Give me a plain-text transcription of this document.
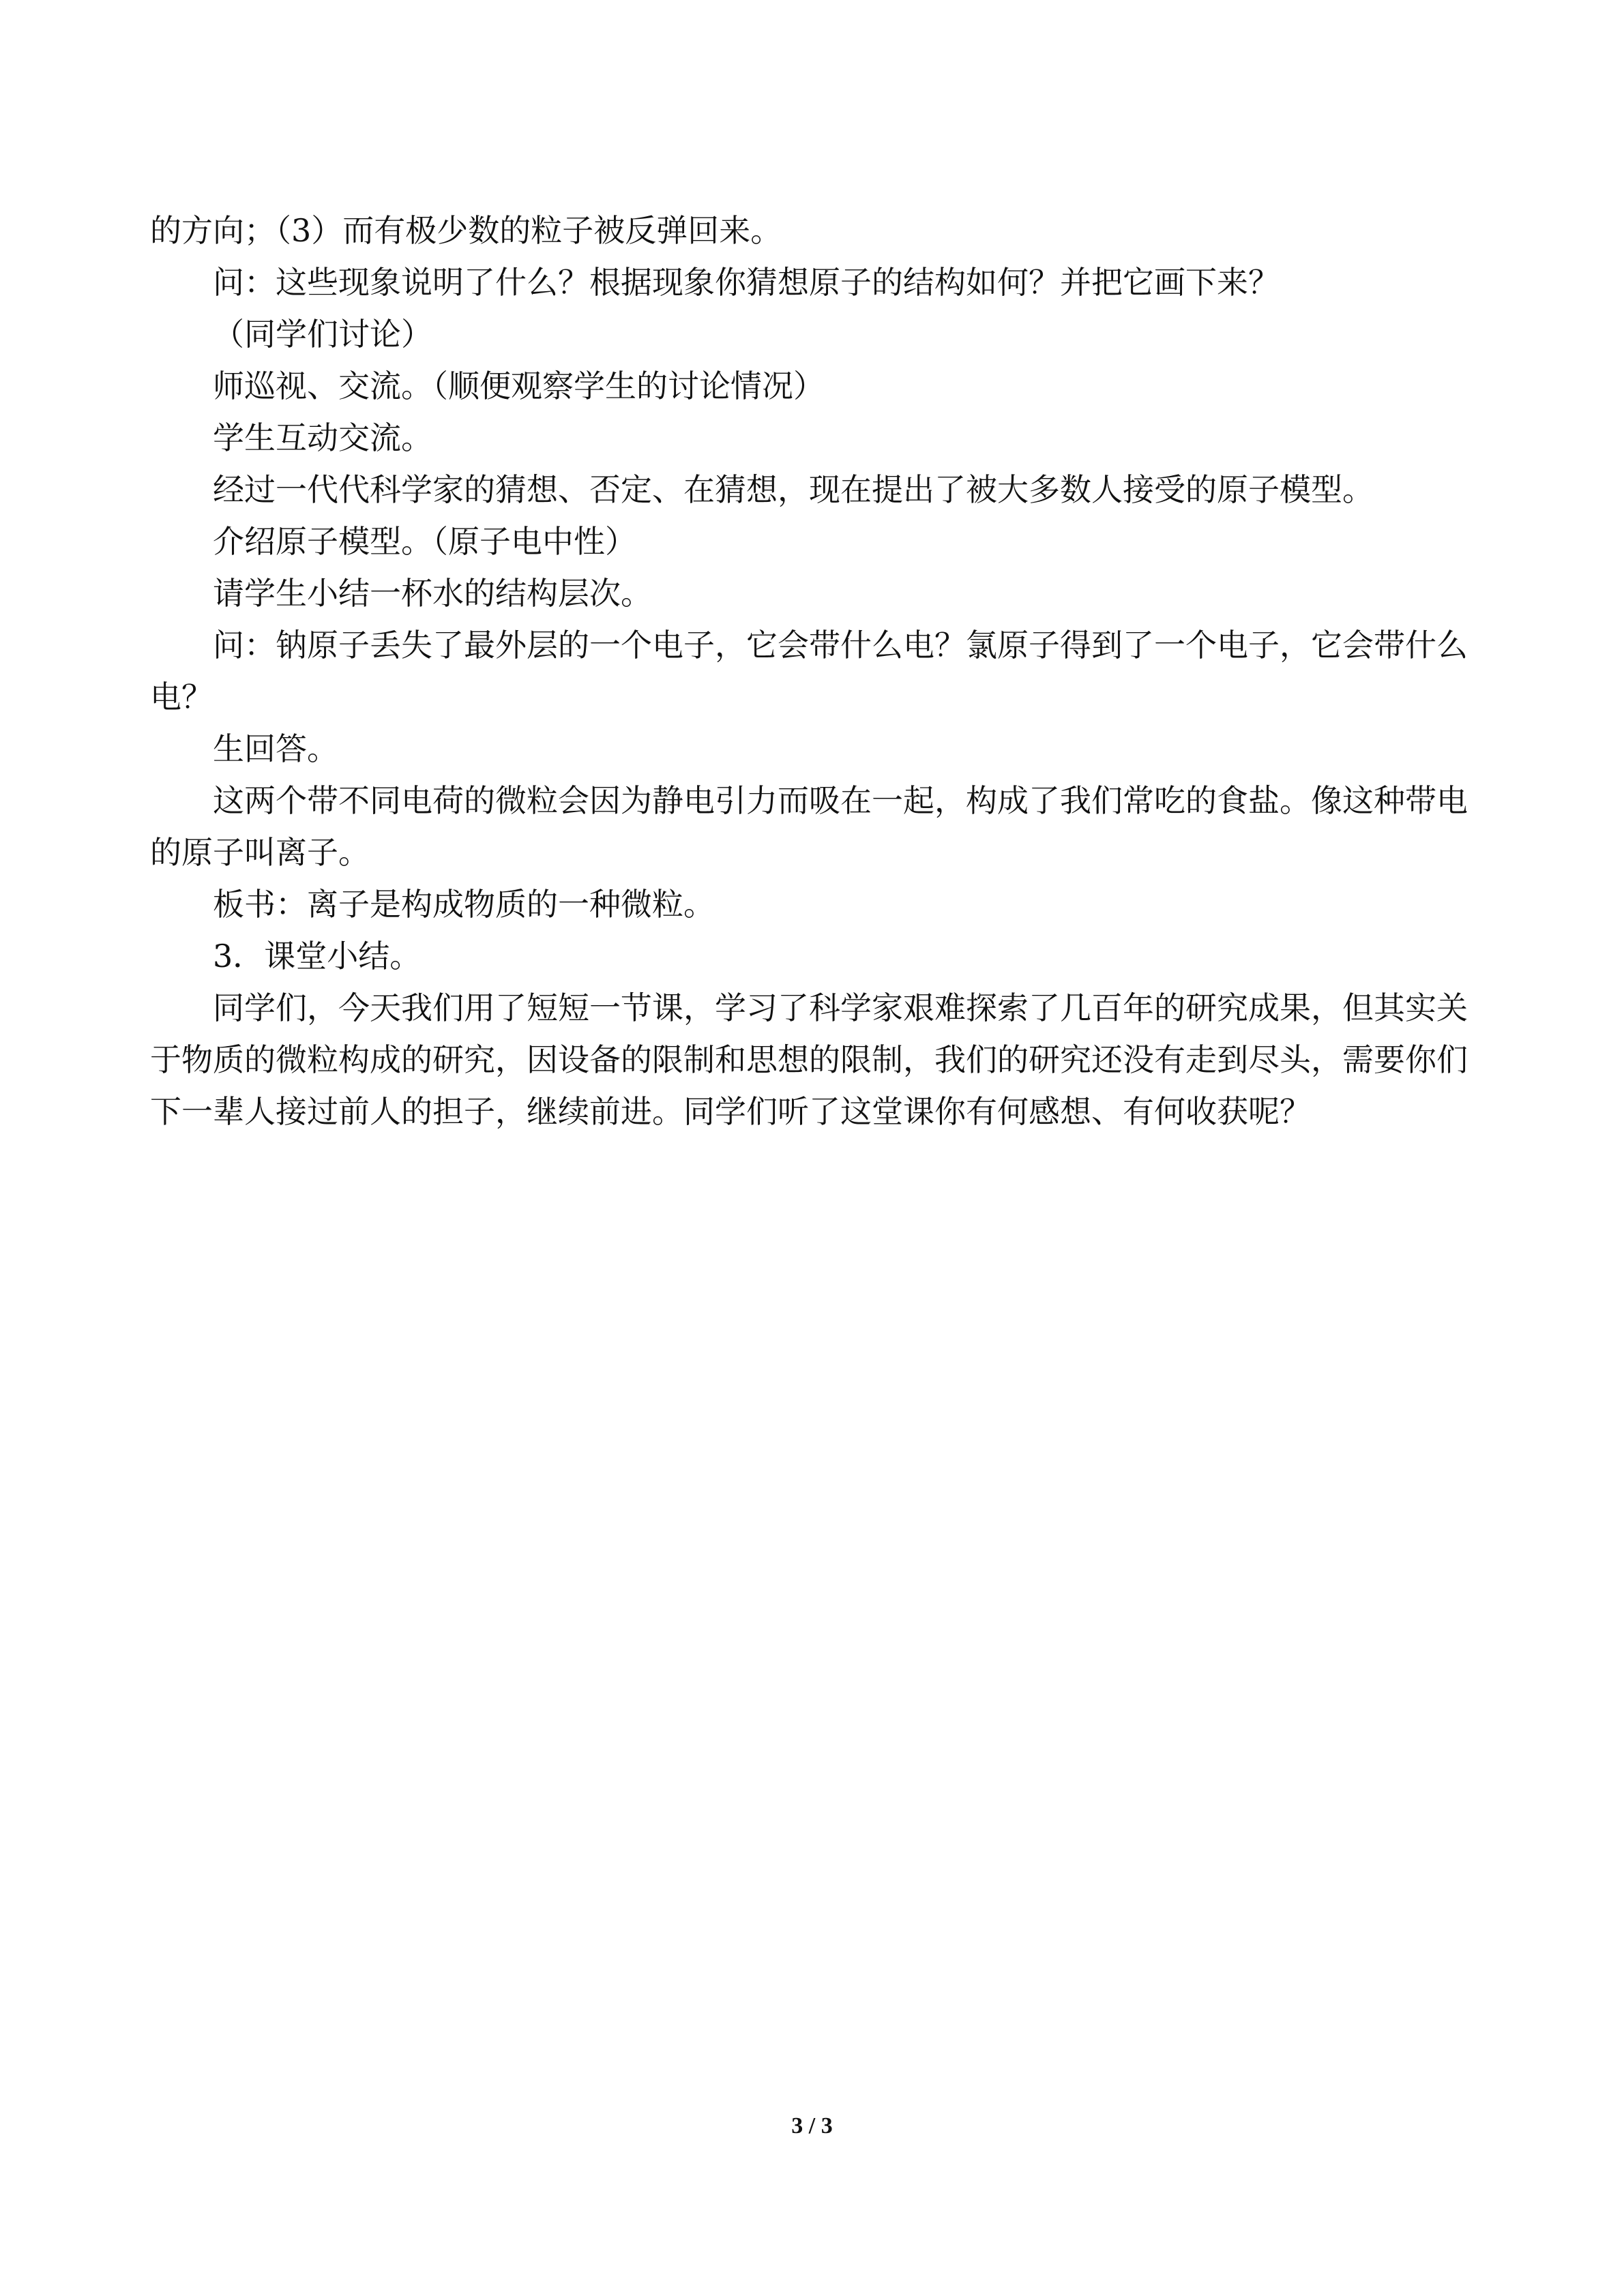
的方向；（3）而有极少数的粒子被反弹回来。

问：这些现象说明了什么？根据现象你猜想原子的结构如何？并把它画下来？

（同学们讨论）

师巡视、交流。（顺便观察学生的讨论情况）

学生互动交流。

经过一代代科学家的猜想、否定、在猜想，现在提出了被大多数人接受的原子模型。

介绍原子模型。（原子电中性）

请学生小结一杯水的结构层次。

问：钠原子丢失了最外层的一个电子，它会带什么电？氯原子得到了一个电子，它会带什么电？

生回答。

这两个带不同电荷的微粒会因为静电引力而吸在一起，构成了我们常吃的食盐。像这种带电的原子叫离子。

板书：离子是构成物质的一种微粒。

3．课堂小结。

同学们，今天我们用了短短一节课，学习了科学家艰难探索了几百年的研究成果，但其实关于物质的微粒构成的研究，因设备的限制和思想的限制，我们的研究还没有走到尽头，需要你们下一辈人接过前人的担子，继续前进。同学们听了这堂课你有何感想、有何收获呢？

3 / 3
